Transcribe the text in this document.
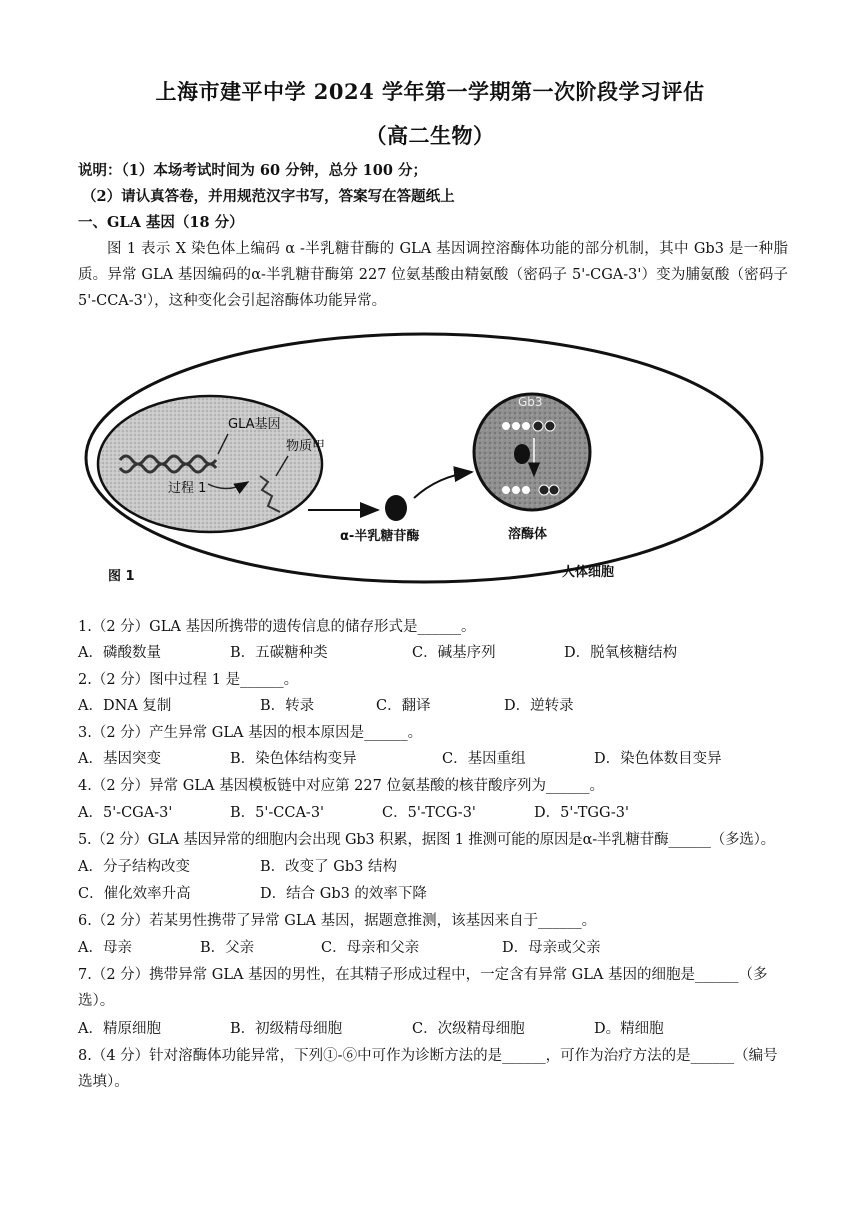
上海市建平中学 2024 学年第一学期第一次阶段学习评估
（高二生物）
说明：（1）本场考试时间为 60 分钟，总分 100 分；
（2）请认真答卷，并用规范汉字书写，答案写在答题纸上
一、GLA 基因（18 分）
图 1 表示 X 染色体上编码 α -半乳糖苷酶的 GLA 基因调控溶酶体功能的部分机制，其中 Gb3 是一种脂质。异常 GLA 基因编码的α-半乳糖苷酶第 227 位氨基酸由精氨酸（密码子 5'-CGA-3'）变为脯氨酸（密码子 5'-CCA-3'），这种变化会引起溶酶体功能异常。
GLA基因
物质甲
过程 1
α-半乳糖苷酶
Gb3
溶酶体
人体细胞
图 1
1.（2 分）GLA 基因所携带的遗传信息的储存形式是______。
A．磷酸数量	B．五碳糖种类	C．碱基序列	D．脱氧核糖结构
2.（2 分）图中过程 1 是______。
A．DNA 复制	B．转录	C．翻译	D．逆转录
3.（2 分）产生异常 GLA 基因的根本原因是______。
A．基因突变	B．染色体结构变异	C．基因重组	D．染色体数目变异
4.（2 分）异常 GLA 基因模板链中对应第 227 位氨基酸的核苷酸序列为______。
A．5'-CGA-3'	B．5'-CCA-3'	C．5'-TCG-3'	D．5'-TGG-3'
5.（2 分）GLA 基因异常的细胞内会出现 Gb3 积累，据图 1 推测可能的原因是α-半乳糖苷酶______（多选）。
A．分子结构改变	B．改变了 Gb3 结构
C．催化效率升高	D．结合 Gb3 的效率下降
6.（2 分）若某男性携带了异常 GLA 基因，据题意推测，该基因来自于______。
A．母亲	B．父亲	C．母亲和父亲	D．母亲或父亲
7.（2 分）携带异常 GLA 基因的男性，在其精子形成过程中，一定含有异常 GLA 基因的细胞是______（多选）。
A．精原细胞	B．初级精母细胞	C．次级精母细胞	D。精细胞
8.（4 分）针对溶酶体功能异常，下列①-⑥中可作为诊断方法的是______，可作为治疗方法的是______（编号选填）。
